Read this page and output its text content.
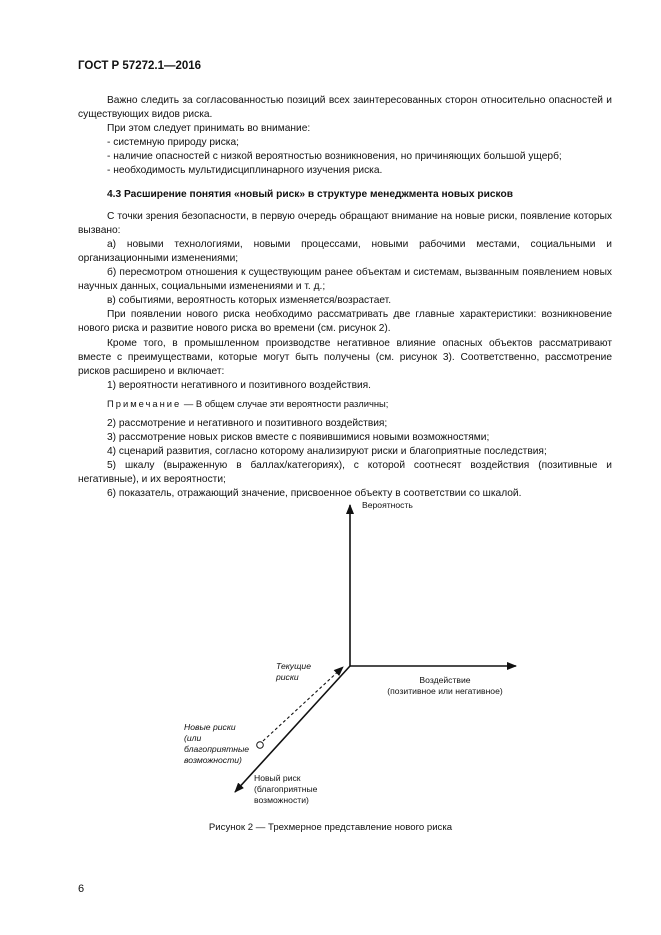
ГОСТ Р 57272.1—2016

Важно следить за согласованностью позиций всех заинтересованных сторон относительно опасностей и существующих видов риска.

При этом следует принимать во внимание:

- системную природу риска;

- наличие опасностей с низкой вероятностью возникновения, но причиняющих большой ущерб;

- необходимость мультидисциплинарного изучения риска.

4.3 Расширение понятия «новый риск» в структуре менеджмента новых рисков

С точки зрения безопасности, в первую очередь обращают внимание на новые риски, появление которых вызвано:

а) новыми технологиями, новыми процессами, новыми рабочими местами, социальными и организационными изменениями;

б) пересмотром отношения к существующим ранее объектам и системам, вызванным появлением новых научных данных, социальными изменениями и т. д.;

в) событиями, вероятность которых изменяется/возрастает.

При появлении нового риска необходимо рассматривать две главные характеристики: возникновение нового риска и развитие нового риска во времени (см. рисунок 2).

Кроме того, в промышленном производстве негативное влияние опасных объектов рассматривают вместе с преимуществами, которые могут быть получены (см. рисунок 3). Соответственно, рассмотрение рисков расширено и включает:

1) вероятности негативного и позитивного воздействия.

Примечание — В общем случае эти вероятности различны;

2) рассмотрение и негативного и позитивного воздействия;

3) рассмотрение новых рисков вместе с появившимися новыми возможностями;

4) сценарий развития, согласно которому анализируют риски и благоприятные последствия;

5) шкалу (выраженную в баллах/категориях), с которой соотнесят воздействия (позитивные и негативные), и их вероятности;

6) показатель, отражающий значение, присвоенное объекту в соответствии со шкалой.

Вероятность
Воздействие
(позитивное или негативное)
Текущие
риски
Новые риски
(или
благоприятные
возможности)
Новый риск
(благоприятные
возможности)
Рисунок 2 — Трехмерное представление нового риска
6
